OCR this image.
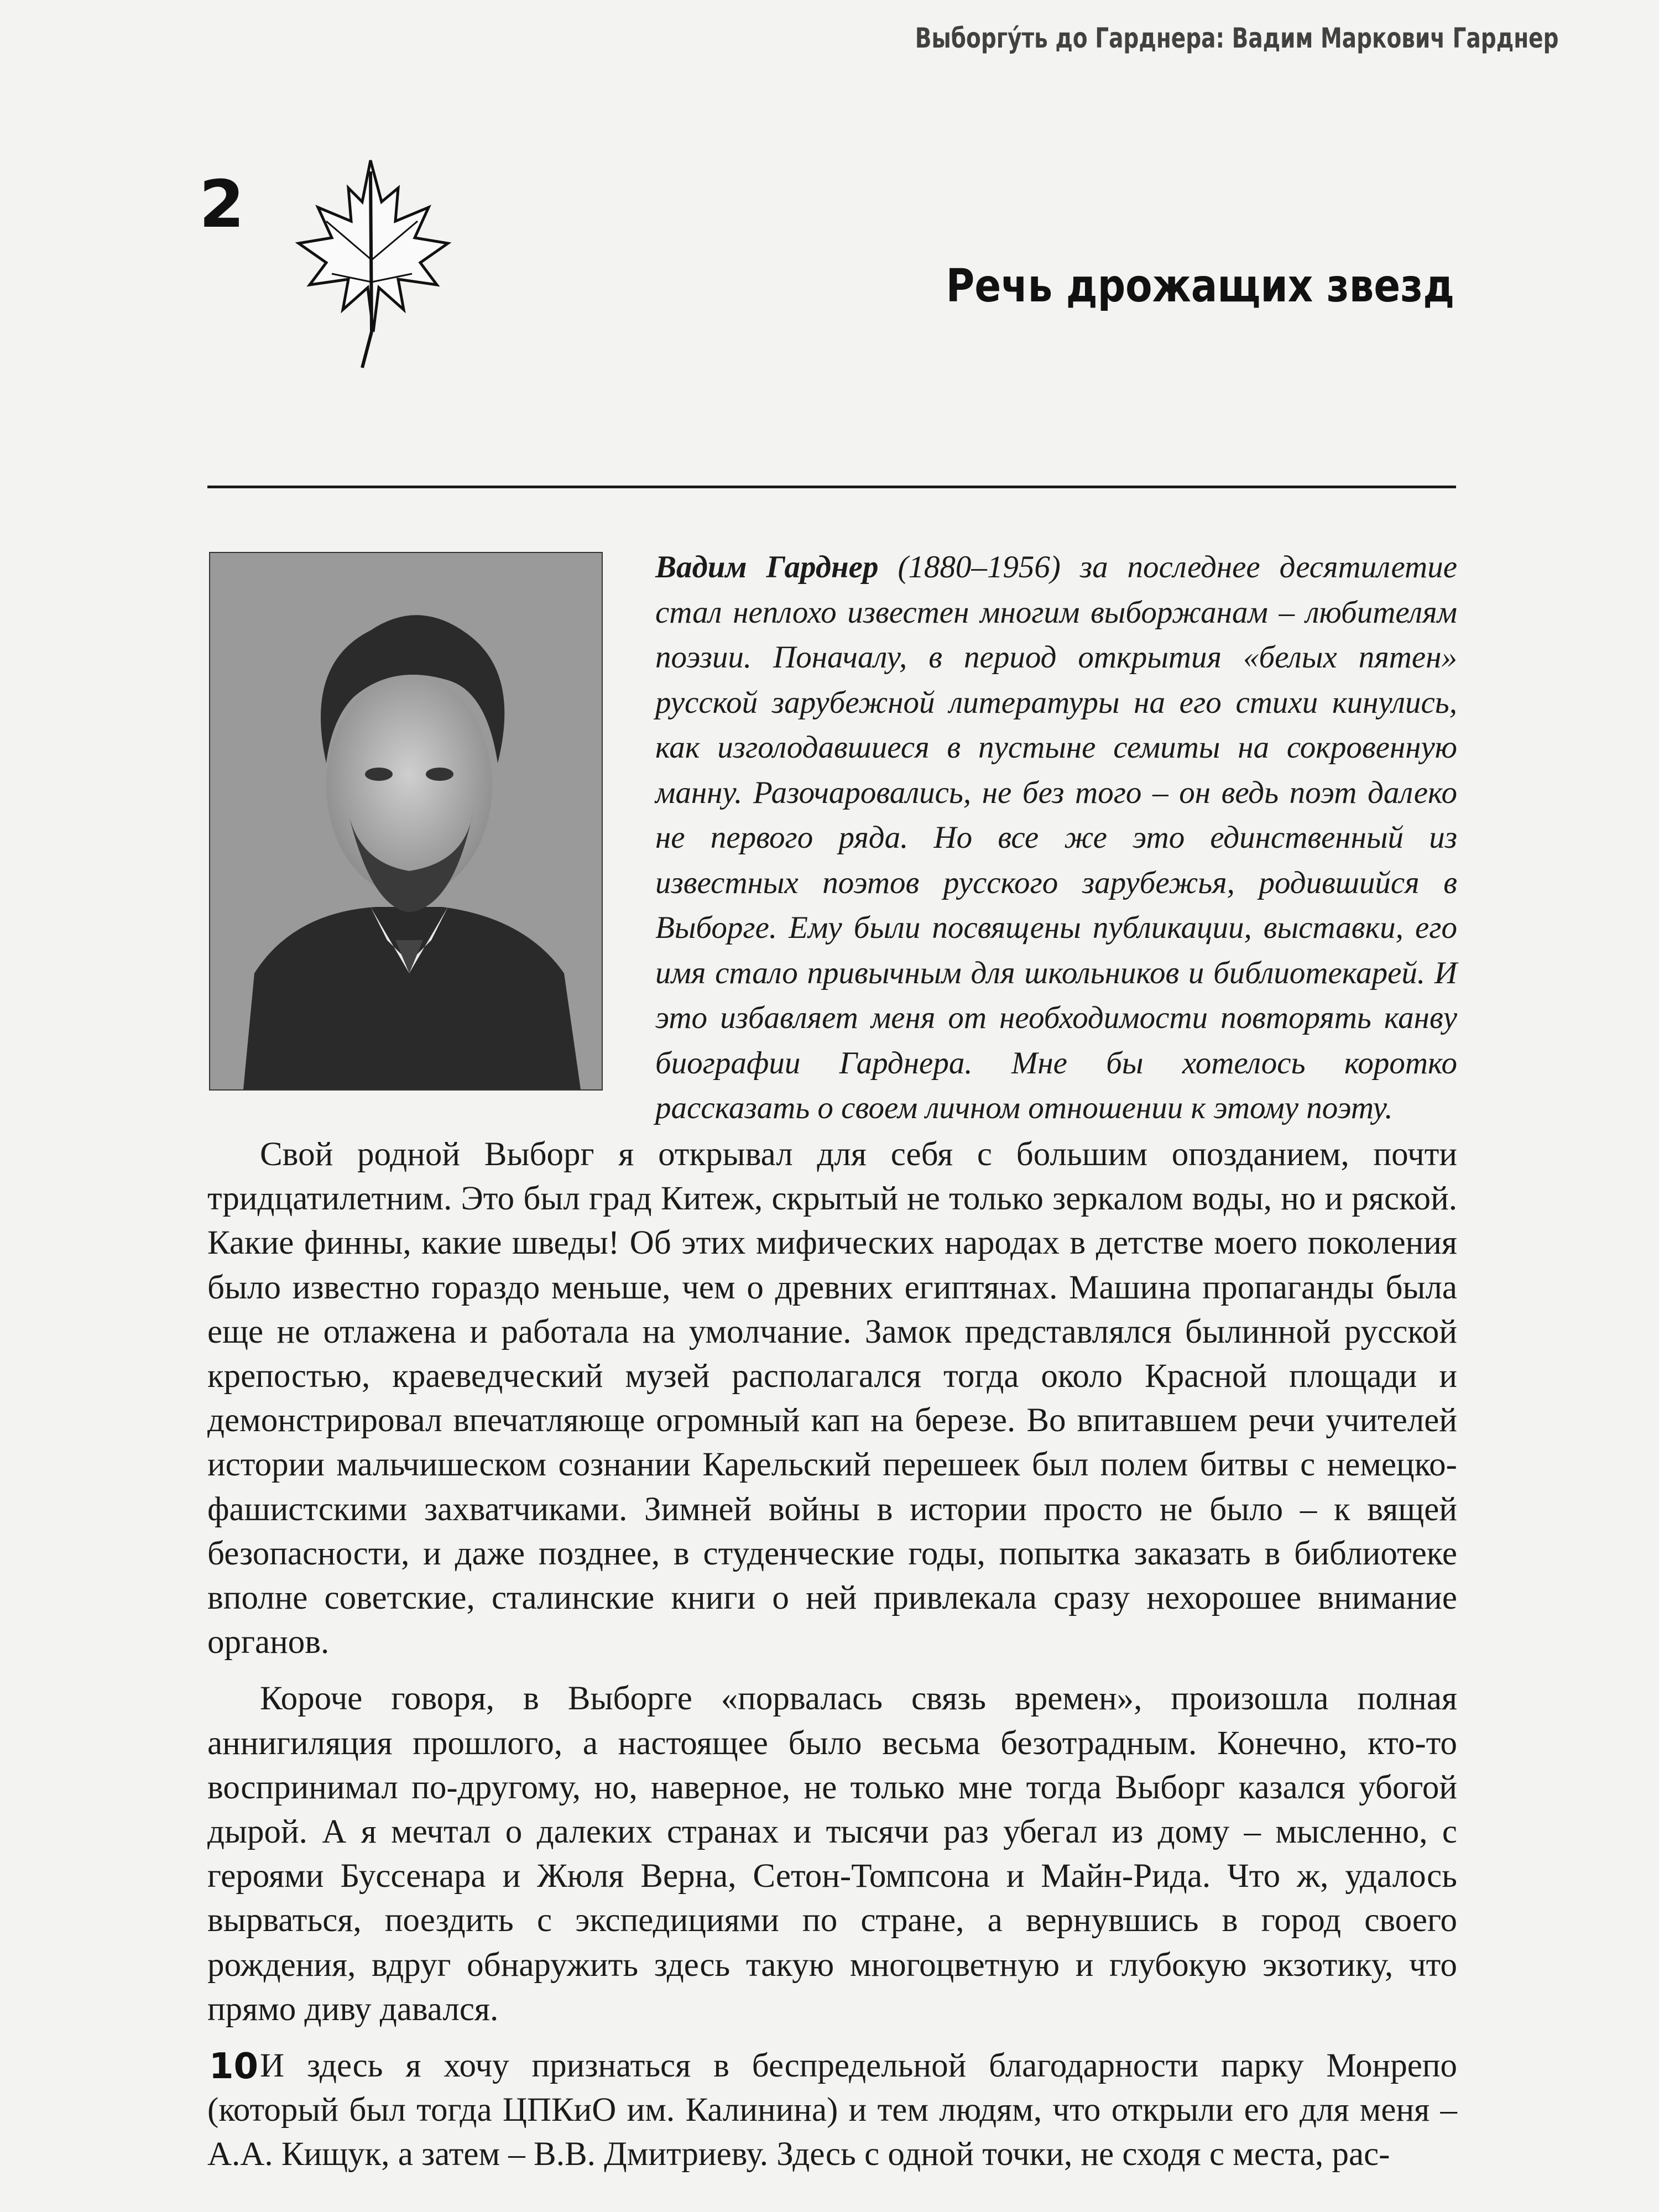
Выборгу́ть до Гарднера: Вадим Маркович Гарднер
2
Речь дрожащих звезд
Вадим Гарднер (1880–1956) за последнее десятилетие стал неплохо известен многим выборжанам – любителям поэзии. Поначалу, в период открытия «белых пятен» русской зарубежной литературы на его стихи кинулись, как изголодавшиеся в пустыне семиты на сокровенную манну. Разочаровались, не без того – он ведь поэт далеко не первого ряда. Но все же это единственный из известных поэтов русского зарубежья, родившийся в Выборге. Ему были посвящены публикации, выставки, его имя стало привычным для школьников и библиотекарей. И это избавляет меня от необходимости повторять канву биографии Гарднера. Мне бы хотелось коротко рассказать о своем личном отношении к этому поэту.

Свой родной Выборг я открывал для себя с большим опозданием, почти тридцатилетним. Это был град Китеж, скрытый не только зеркалом воды, но и ряской. Какие финны, какие шведы! Об этих мифических народах в детстве моего поколения было известно гораздо меньше, чем о древних египтянах. Машина пропаганды была еще не отлажена и работала на умолчание. Замок представлялся былинной русской крепостью, краеведческий музей располагался тогда около Красной площади и демонстрировал впечатляюще огромный кап на березе. Во впитавшем речи учителей истории мальчишеском сознании Карельский перешеек был полем битвы с немецко-фашистскими захватчиками. Зимней войны в истории просто не было – к вящей безопасности, и даже позднее, в студенческие годы, попытка заказать в библиотеке вполне советские, сталинские книги о ней привлекала сразу нехорошее внимание органов.

Короче говоря, в Выборге «порвалась связь времен», произошла полная аннигиляция прошлого, а настоящее было весьма безотрадным. Конечно, кто-то воспринимал по-другому, но, наверное, не только мне тогда Выборг казался убогой дырой. А я мечтал о далеких странах и тысячи раз убегал из дому – мысленно, с героями Буссенара и Жюля Верна, Сетон-Томпсона и Майн-Рида. Что ж, удалось вырваться, поездить с экспедициями по стране, а вернувшись в город своего рождения, вдруг обнаружить здесь такую многоцветную и глубокую экзотику, что прямо диву давался.

И здесь я хочу признаться в беспредельной благодарности парку Монрепо (который был тогда ЦПКиО им. Калинина) и тем людям, что открыли его для меня – А.А. Кищук, а затем – В.В. Дмитриеву. Здесь с одной точки, не сходя с места, рас-

10
